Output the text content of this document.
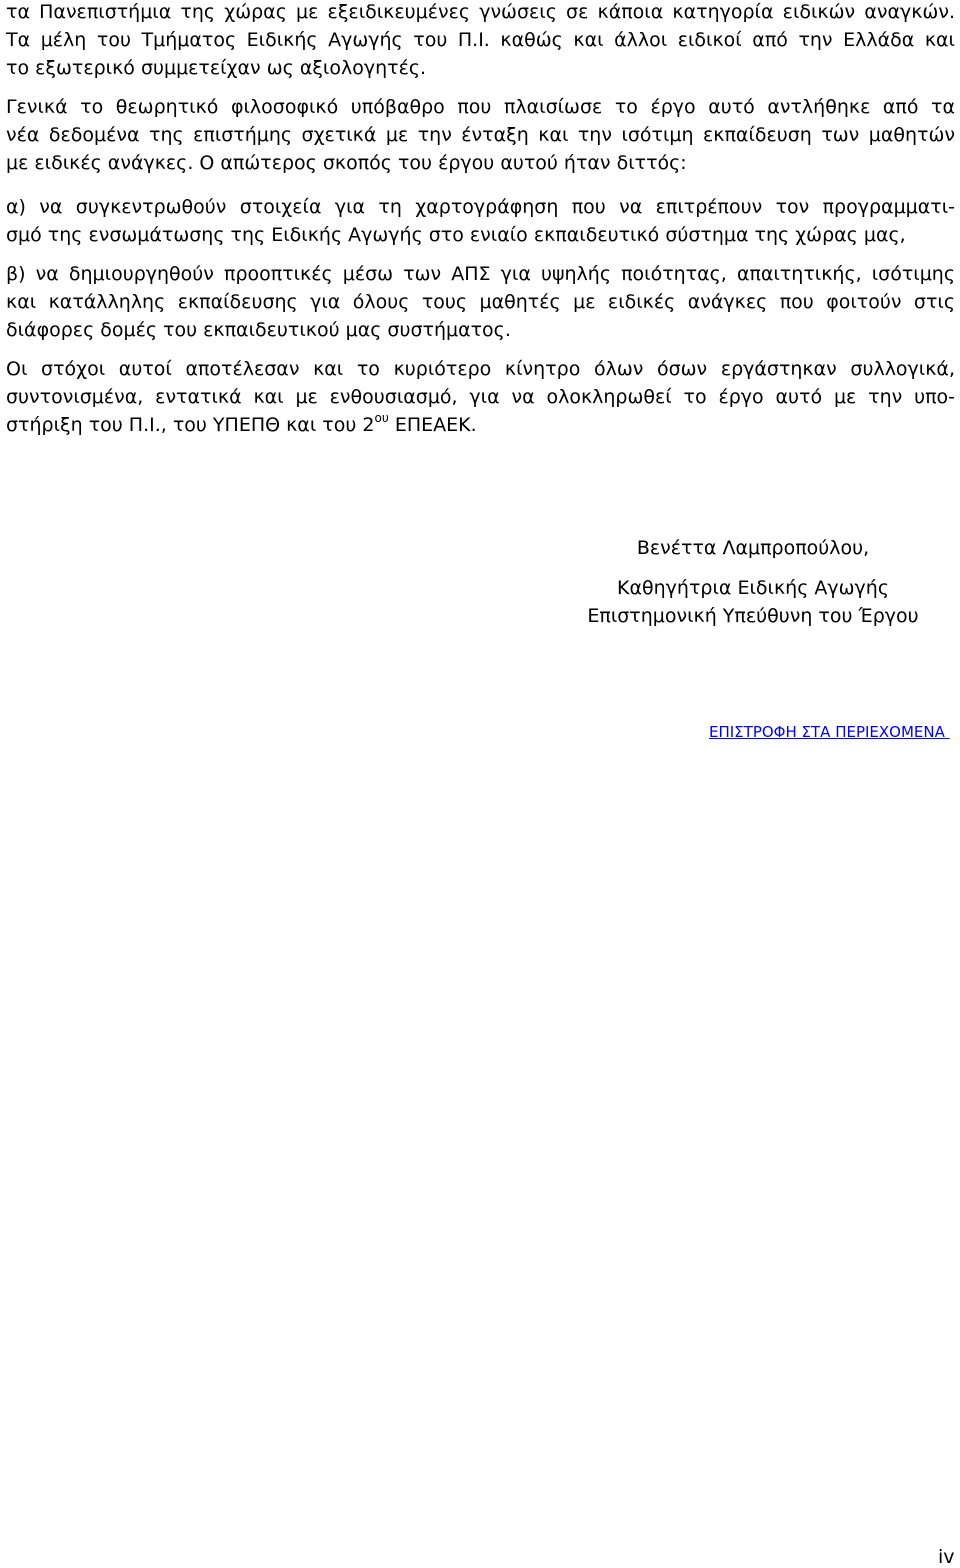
τα Πανεπιστήμια της χώρας με εξειδικευμένες γνώσεις σε κάποια κατηγορία ειδικών αναγκών.
Τα μέλη του Τμήματος Ειδικής Αγωγής του Π.Ι. καθώς και άλλοι ειδικοί από την Ελλάδα και
το εξωτερικό συμμετείχαν ως αξιολογητές.
Γενικά το θεωρητικό φιλοσοφικό υπόβαθρο που πλαισίωσε το έργο αυτό αντλήθηκε από τα
νέα δεδομένα της επιστήμης σχετικά με την ένταξη και την ισότιμη εκπαίδευση των μαθητών
με ειδικές ανάγκες. Ο απώτερος σκοπός του έργου αυτού ήταν διττός:
α) να συγκεντρωθούν στοιχεία για τη χαρτογράφηση που να επιτρέπουν τον προγραμματι-
σμό της ενσωμάτωσης της Ειδικής Αγωγής στο ενιαίο εκπαιδευτικό σύστημα της χώρας μας,
β) να δημιουργηθούν προοπτικές μέσω των ΑΠΣ για υψηλής ποιότητας, απαιτητικής, ισότιμης
και κατάλληλης εκπαίδευσης για όλους τους μαθητές με ειδικές ανάγκες που φοιτούν στις
διάφορες δομές του εκπαιδευτικού μας συστήματος.
Οι στόχοι αυτοί αποτέλεσαν και το κυριότερο κίνητρο όλων όσων εργάστηκαν συλλογικά,
συντονισμένα, εντατικά και με ενθουσιασμό, για να ολοκληρωθεί το έργο αυτό με την υπο-
στήριξη του Π.Ι., του ΥΠΕΠΘ και του $2^{o\upsilon}$ ΕΠΕΑΕΚ.
Βενέττα Λαμπροπούλου,
Καθηγήτρια Ειδικής Αγωγής
Επιστημονική Υπεύθυνη του Έργου
ΕΠΙΣΤΡΟΦΗ ΣΤΑ ΠΕΡΙΕΧΟΜΕΝΑ
iv
